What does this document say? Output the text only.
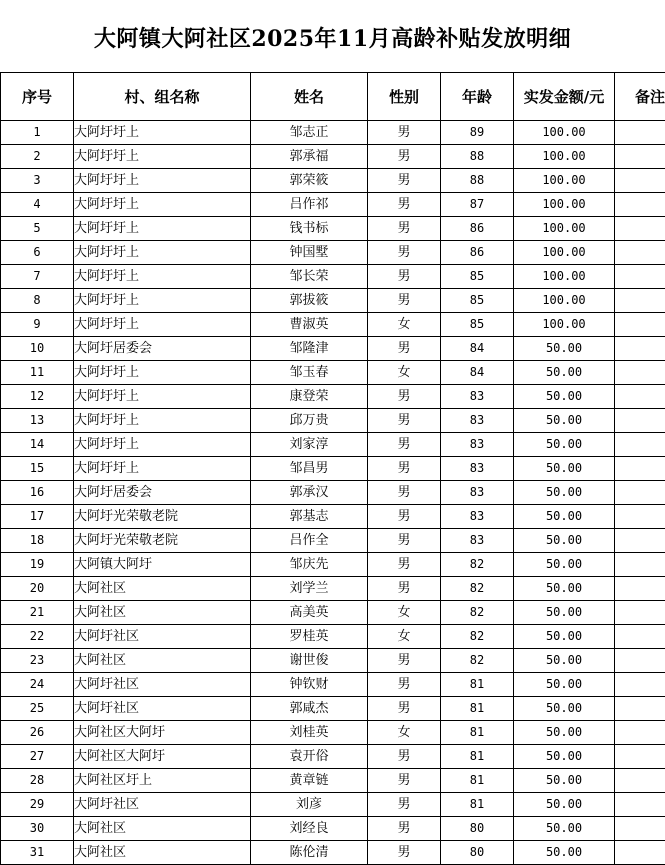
大阿镇大阿社区2025年11月高龄补贴发放明细
序号	村、组名称	姓名	性别	年龄	实发金额/元	备注
1	大阿圩圩上	邹志正	男	89	100.00	
2	大阿圩圩上	郭承福	男	88	100.00	
3	大阿圩圩上	郭荣筱	男	88	100.00	
4	大阿圩圩上	吕作祁	男	87	100.00	
5	大阿圩圩上	钱书标	男	86	100.00	
6	大阿圩圩上	钟国墅	男	86	100.00	
7	大阿圩圩上	邹长荣	男	85	100.00	
8	大阿圩圩上	郭拔筱	男	85	100.00	
9	大阿圩圩上	曹淑英	女	85	100.00	
10	大阿圩居委会	邹隆津	男	84	50.00	
11	大阿圩圩上	邹玉春	女	84	50.00	
12	大阿圩圩上	康登荣	男	83	50.00	
13	大阿圩圩上	邱万贵	男	83	50.00	
14	大阿圩圩上	刘家淳	男	83	50.00	
15	大阿圩圩上	邹昌男	男	83	50.00	
16	大阿圩居委会	郭承汉	男	83	50.00	
17	大阿圩光荣敬老院	郭基志	男	83	50.00	
18	大阿圩光荣敬老院	吕作全	男	83	50.00	
19	大阿镇大阿圩	邹庆先	男	82	50.00	
20	大阿社区	刘学兰	男	82	50.00	
21	大阿社区	高美英	女	82	50.00	
22	大阿圩社区	罗桂英	女	82	50.00	
23	大阿社区	谢世俊	男	82	50.00	
24	大阿圩社区	钟钦财	男	81	50.00	
25	大阿圩社区	郭咸杰	男	81	50.00	
26	大阿社区大阿圩	刘桂英	女	81	50.00	
27	大阿社区大阿圩	袁开俗	男	81	50.00	
28	大阿社区圩上	黄章链	男	81	50.00	
29	大阿圩社区	刘彦	男	81	50.00	
30	大阿社区	刘经良	男	80	50.00	
31	大阿社区	陈伦清	男	80	50.00	
